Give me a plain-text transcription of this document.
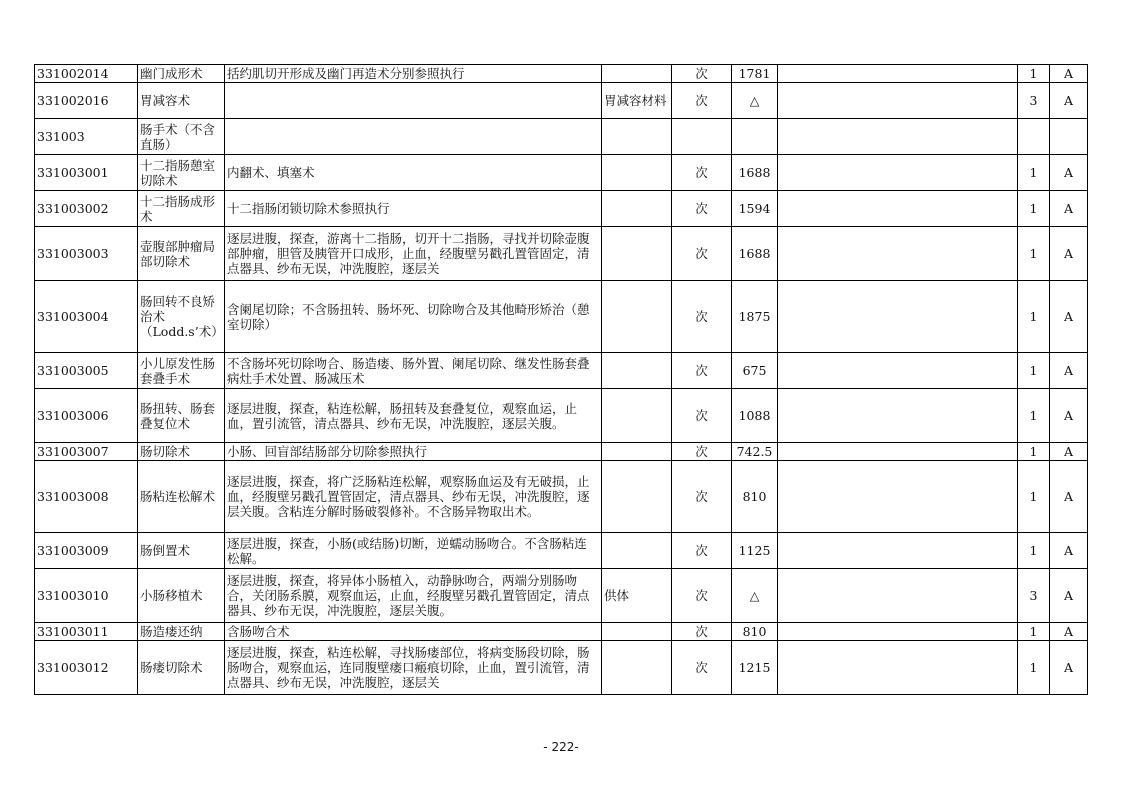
331002014	幽门成形术	括约肌切开形成及幽门再造术分别参照执行		次	1781		1	A
331002016	胃减容术		胃减容材料	次	△		3	A
331003	肠手术（不含直肠）							
331003001	十二指肠憩室切除术	内翻术、填塞术		次	1688		1	A
331003002	十二指肠成形术	十二指肠闭锁切除术参照执行		次	1594		1	A
331003003	壶腹部肿瘤局部切除术	逐层进腹，探查，游离十二指肠，切开十二指肠，寻找并切除壶腹部肿瘤，胆管及胰管开口成形，止血，经腹壁另戳孔置管固定，清点器具、纱布无误，冲洗腹腔，逐层关		次	1688		1	A
331003004	肠回转不良矫治术（Lodd.s’术）	含阑尾切除；不含肠扭转、肠坏死、切除吻合及其他畸形矫治（憩室切除）		次	1875		1	A
331003005	小儿原发性肠套叠手术	不含肠坏死切除吻合、肠造瘘、肠外置、阑尾切除、继发性肠套叠病灶手术处置、肠减压术		次	675		1	A
331003006	肠扭转、肠套叠复位术	逐层进腹，探查，粘连松解，肠扭转及套叠复位，观察血运，止血，置引流管，清点器具、纱布无误，冲洗腹腔，逐层关腹。		次	1088		1	A
331003007	肠切除术	小肠、回盲部结肠部分切除参照执行		次	742.5		1	A
331003008	肠粘连松解术	逐层进腹，探查，将广泛肠粘连松解，观察肠血运及有无破损，止血，经腹壁另戳孔置管固定，清点器具、纱布无误，冲洗腹腔，逐层关腹。含粘连分解时肠破裂修补。不含肠异物取出术。		次	810		1	A
331003009	肠倒置术	逐层进腹，探查，小肠(或结肠)切断，逆蠕动肠吻合。不含肠粘连松解。		次	1125		1	A
331003010	小肠移植术	逐层进腹，探查，将异体小肠植入，动静脉吻合，两端分别肠吻合，关闭肠系膜，观察血运，止血，经腹壁另戳孔置管固定，清点器具、纱布无误，冲洗腹腔，逐层关腹。	供体	次	△		3	A
331003011	肠造瘘还纳	含肠吻合术		次	810		1	A
331003012	肠瘘切除术	逐层进腹，探查，粘连松解，寻找肠瘘部位，将病变肠段切除，肠肠吻合，观察血运，连同腹壁瘘口瘢痕切除，止血，置引流管，清点器具、纱布无误，冲洗腹腔，逐层关		次	1215		1	A
- 222-
